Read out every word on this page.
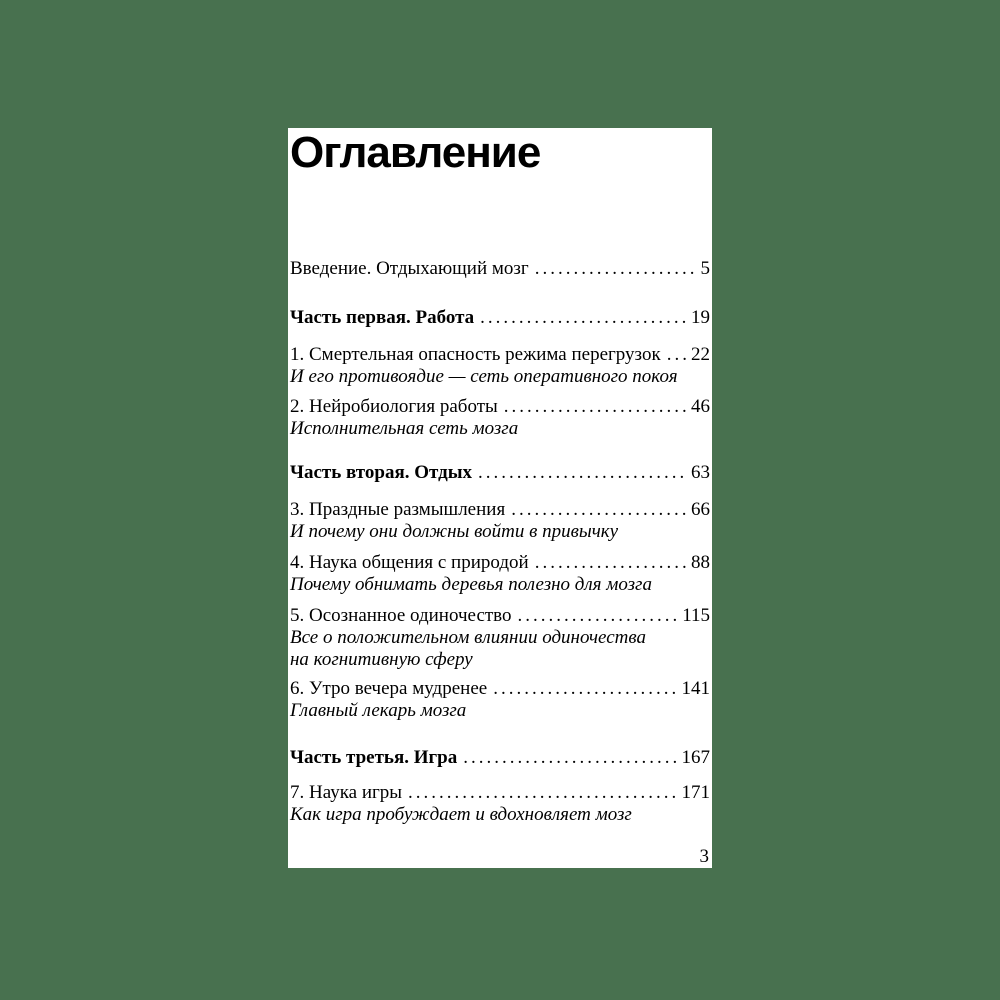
Оглавление
Введение. Отдыхающий мозг .....	5
Часть первая. Работа .....	19
1. Смертельная опасность режима перегрузок ..... 22
И его противоядие — сеть оперативного покоя
2. Нейробиология работы .....	46
Исполнительная сеть мозга
Часть вторая. Отдых .....	63
3. Праздные размышления .....	66
И почему они должны войти в привычку
4. Наука общения с природой .....	88
Почему обнимать деревья полезно для мозга
5. Осознанное одиночество .....	115
Все о положительном влиянии одиночества
на когнитивную сферу
6. Утро вечера мудренее .....	141
Главный лекарь мозга
Часть третья. Игра .....	167
7. Наука игры .....	171
Как игра пробуждает и вдохновляет мозг
3
